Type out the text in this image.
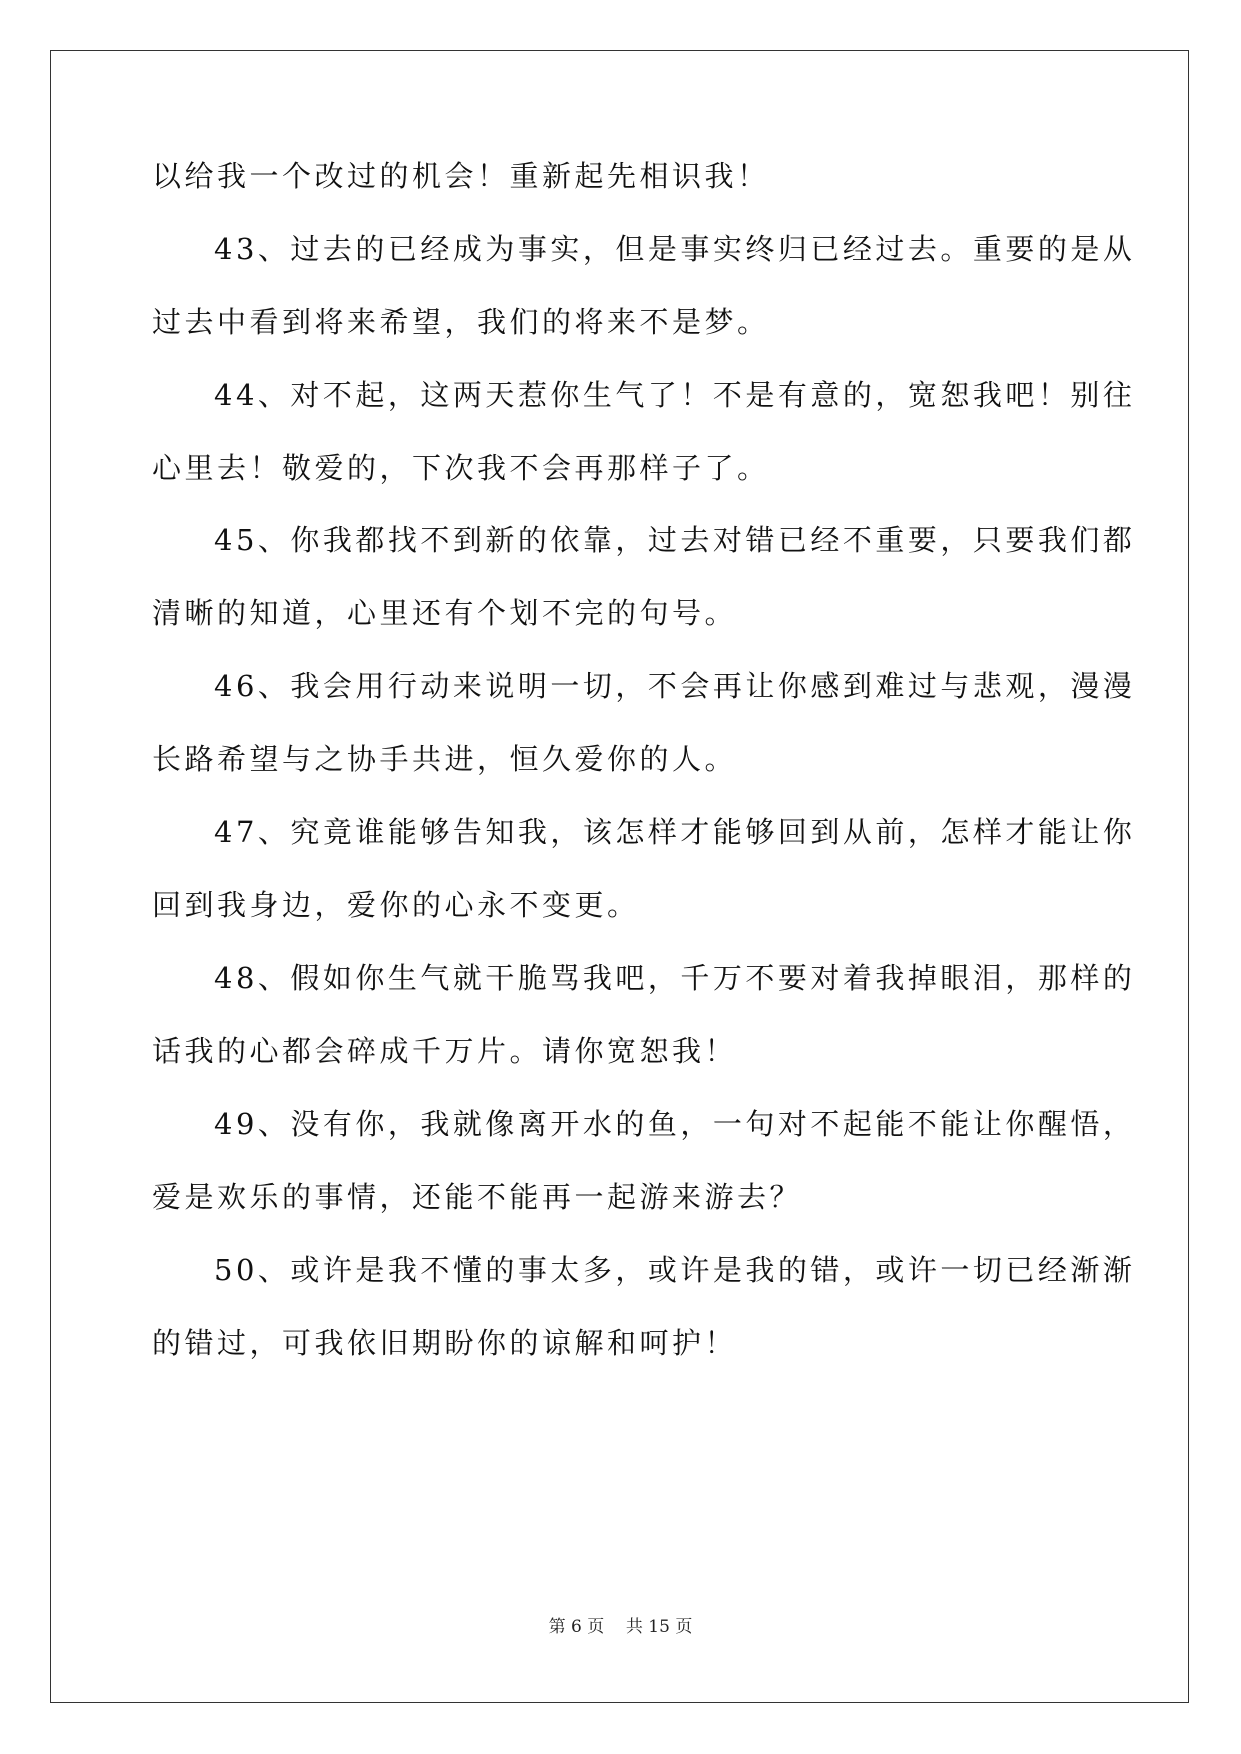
以给我一个改过的机会！重新起先相识我！
43、过去的已经成为事实，但是事实终归已经过去。重要的是从
过去中看到将来希望，我们的将来不是梦。
44、对不起，这两天惹你生气了！不是有意的，宽恕我吧！别往
心里去！敬爱的，下次我不会再那样子了。
45、你我都找不到新的依靠，过去对错已经不重要，只要我们都
清晰的知道，心里还有个划不完的句号。
46、我会用行动来说明一切，不会再让你感到难过与悲观，漫漫
长路希望与之协手共进，恒久爱你的人。
47、究竟谁能够告知我，该怎样才能够回到从前，怎样才能让你
回到我身边，爱你的心永不变更。
48、假如你生气就干脆骂我吧，千万不要对着我掉眼泪，那样的
话我的心都会碎成千万片。请你宽恕我！
49、没有你，我就像离开水的鱼，一句对不起能不能让你醒悟，
爱是欢乐的事情，还能不能再一起游来游去？
50、或许是我不懂的事太多，或许是我的错，或许一切已经渐渐
的错过，可我依旧期盼你的谅解和呵护！
第 6 页 共 15 页
